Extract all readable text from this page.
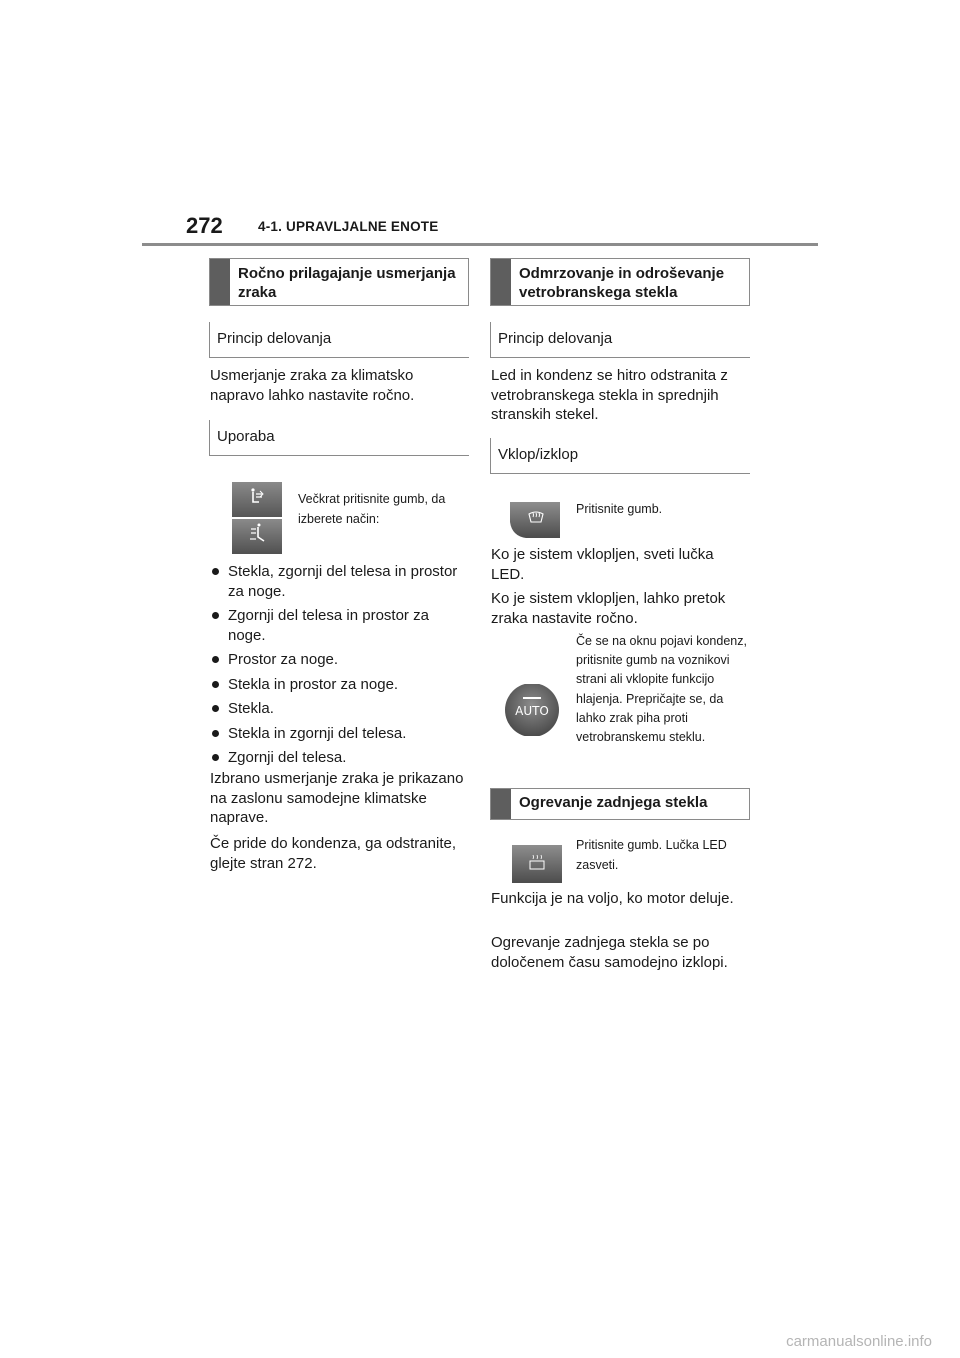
272	4-1. UPRAVLJALNE ENOTE
Ročno prilagajanje usmerjanja zraka
Princip delovanja
Usmerjanje zraka za klimatsko napravo lahko nastavite ročno.
Uporaba
Večkrat pritisnite gumb, da izberete način:
Stekla, zgornji del telesa in prostor za noge.
Zgornji del telesa in prostor za noge.
Prostor za noge.
Stekla in prostor za noge.
Stekla.
Stekla in zgornji del telesa.
Zgornji del telesa.
Izbrano usmerjanje zraka je prikazano na zaslonu samodejne klimatske naprave.
Če pride do kondenza, ga odstranite, glejte stran 272.
Odmrzovanje in odroševanje vetrobranskega stekla
Princip delovanja
Led in kondenz se hitro odstranita z vetrobranskega stekla in sprednjih stranskih stekel.
Vklop/izklop
Pritisnite gumb.
Ko je sistem vklopljen, sveti lučka LED.
Ko je sistem vklopljen, lahko pretok zraka nastavite ročno.
AUTO
Če se na oknu pojavi kondenz, pritisnite gumb na voznikovi strani ali vklopite funkcijo hlajenja. Prepričajte se, da lahko zrak piha proti vetrobranskemu steklu.
Ogrevanje zadnjega stekla
Pritisnite gumb. Lučka LED zasveti.
Funkcija je na voljo, ko motor deluje.
Ogrevanje zadnjega stekla se po določenem času samodejno izklopi.
carmanualsonline.info
